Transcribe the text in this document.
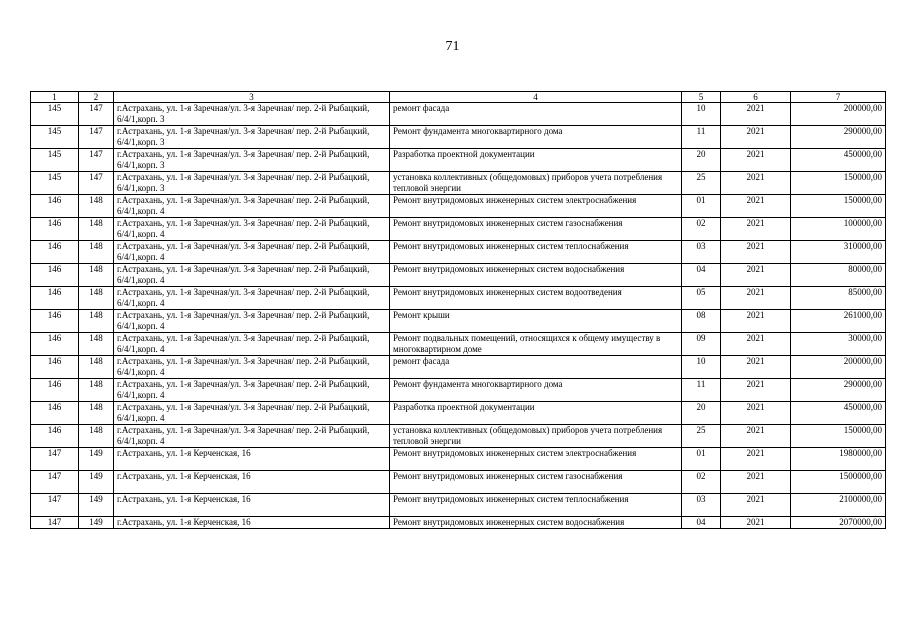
71
1	2	3	4	5	6	7
145	147	г.Астрахань, ул. 1-я Заречная/ул. 3-я Заречная/ пер. 2-й Рыбацкий, 6/4/1,корп. 3	ремонт фасада	10	2021	200000,00
145	147	г.Астрахань, ул. 1-я Заречная/ул. 3-я Заречная/ пер. 2-й Рыбацкий, 6/4/1,корп. 3	Ремонт фундамента многоквартирного дома	11	2021	290000,00
145	147	г.Астрахань, ул. 1-я Заречная/ул. 3-я Заречная/ пер. 2-й Рыбацкий, 6/4/1,корп. 3	Разработка проектной документации	20	2021	450000,00
145	147	г.Астрахань, ул. 1-я Заречная/ул. 3-я Заречная/ пер. 2-й Рыбацкий, 6/4/1,корп. 3	установка коллективных (общедомовых) приборов учета потребления тепловой энергии	25	2021	150000,00
146	148	г.Астрахань, ул. 1-я Заречная/ул. 3-я Заречная/ пер. 2-й Рыбацкий, 6/4/1,корп. 4	Ремонт внутридомовых инженерных систем электроснабжения	01	2021	150000,00
146	148	г.Астрахань, ул. 1-я Заречная/ул. 3-я Заречная/ пер. 2-й Рыбацкий, 6/4/1,корп. 4	Ремонт внутридомовых инженерных систем газоснабжения	02	2021	100000,00
146	148	г.Астрахань, ул. 1-я Заречная/ул. 3-я Заречная/ пер. 2-й Рыбацкий, 6/4/1,корп. 4	Ремонт внутридомовых инженерных систем теплоснабжения	03	2021	310000,00
146	148	г.Астрахань, ул. 1-я Заречная/ул. 3-я Заречная/ пер. 2-й Рыбацкий, 6/4/1,корп. 4	Ремонт внутридомовых инженерных систем водоснабжения	04	2021	80000,00
146	148	г.Астрахань, ул. 1-я Заречная/ул. 3-я Заречная/ пер. 2-й Рыбацкий, 6/4/1,корп. 4	Ремонт внутридомовых инженерных систем водоотведения	05	2021	85000,00
146	148	г.Астрахань, ул. 1-я Заречная/ул. 3-я Заречная/ пер. 2-й Рыбацкий, 6/4/1,корп. 4	Ремонт крыши	08	2021	261000,00
146	148	г.Астрахань, ул. 1-я Заречная/ул. 3-я Заречная/ пер. 2-й Рыбацкий, 6/4/1,корп. 4	Ремонт подвальных помещений, относящихся к общему имуществу в многоквартирном доме	09	2021	30000,00
146	148	г.Астрахань, ул. 1-я Заречная/ул. 3-я Заречная/ пер. 2-й Рыбацкий, 6/4/1,корп. 4	ремонт фасада	10	2021	200000,00
146	148	г.Астрахань, ул. 1-я Заречная/ул. 3-я Заречная/ пер. 2-й Рыбацкий, 6/4/1,корп. 4	Ремонт фундамента многоквартирного дома	11	2021	290000,00
146	148	г.Астрахань, ул. 1-я Заречная/ул. 3-я Заречная/ пер. 2-й Рыбацкий, 6/4/1,корп. 4	Разработка проектной документации	20	2021	450000,00
146	148	г.Астрахань, ул. 1-я Заречная/ул. 3-я Заречная/ пер. 2-й Рыбацкий, 6/4/1,корп. 4	установка коллективных (общедомовых) приборов учета потребления тепловой энергии	25	2021	150000,00
147	149	г.Астрахань, ул. 1-я Керченская, 16	Ремонт внутридомовых инженерных систем электроснабжения	01	2021	1980000,00
147	149	г.Астрахань, ул. 1-я Керченская, 16	Ремонт внутридомовых инженерных систем газоснабжения	02	2021	1500000,00
147	149	г.Астрахань, ул. 1-я Керченская, 16	Ремонт внутридомовых инженерных систем теплоснабжения	03	2021	2100000,00
147	149	г.Астрахань, ул. 1-я Керченская, 16	Ремонт внутридомовых инженерных систем водоснабжения	04	2021	2070000,00
